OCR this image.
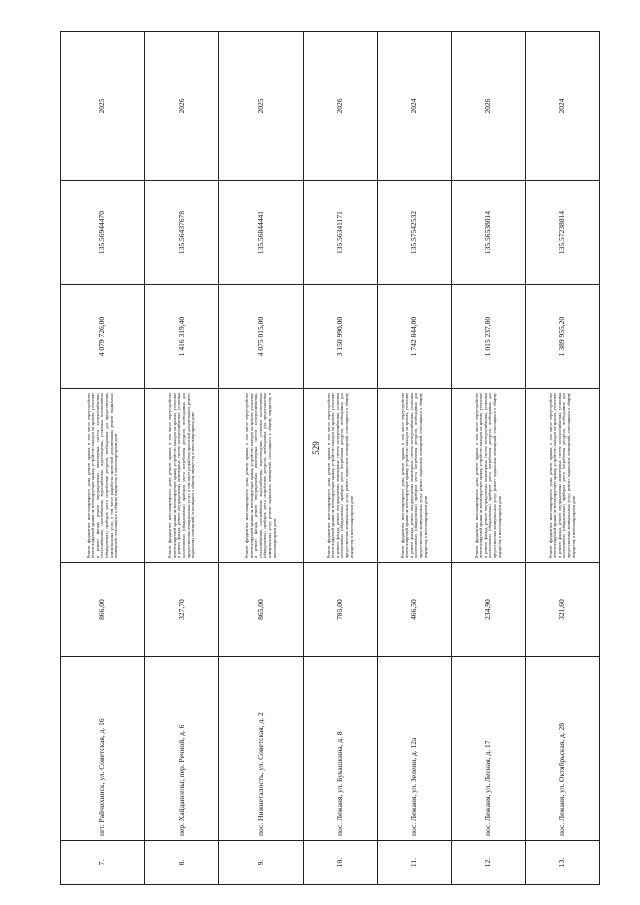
529
7.	пгт. Райчихинск, ул. Советская, д. 16	866,00	Ремонт фундамента многоквартирного дома, ремонт крыши, в том числе переустройство невентилируемой крыши на вентилируемую крышу, устройство выходов на кровлю, утепление и ремонт фасада, ремонт внутридомовых инженерных систем электроснабжения, теплоснабжения, газоснабжения, водоснабжения, водоотведения, установка коллективных (общедомовых) приборов учета потребления ресурсов, необходимых для предоставления коммунальных услуг, в том числе разработка проектной документации, ремонт подвальных помещений, относящихся к общему имуществу в многоквартирном доме	4 079 726,00	135.56944470	2025
8.	пер. Хайдансельг, пер. Речной, д. 6	327,70	Ремонт фундамента многоквартирного дома, ремонт крыши, в том числе переустройство невентилируемой крыши на вентилируемую крышу, устройство выходов на кровлю, утепление и ремонт фасада, ремонт внутридомовых инженерных систем электроснабжения, установка коллективных (общедомовых) приборов учета потребления ресурсов, необходимых для предоставления коммунальных услуг, в том числе разработка проектной документации, ремонт подвальных помещений, относящихся к общему имуществу в многоквартирном доме	1 416 319,40	135.56437678	2026
9.	пос. Нижнеталость, ул. Советская, д. 2	865,00	Ремонт фундамента многоквартирного дома, ремонт крыши, в том числе переустройство невентилируемой крыши на вентилируемую крышу, устройство выходов на кровлю, утепление и ремонт фасада, ремонт внутридомовых инженерных систем электроснабжения, теплоснабжения, газоснабжения, водоснабжения, водоотведения, установка коллективных (общедомовых) приборов учета потребления ресурсов, необходимых для предоставления коммунальных услуг, ремонт подвальных помещений, относящихся к общему имуществу в многоквартирном доме	4 075 015,00	135.56844441	2025
10.	пос. Лежаня, ул. Букашкина, д. 8	785,00	Ремонт фундамента многоквартирного дома, ремонт крыши, в том числе переустройство невентилируемой крыши на вентилируемую крышу, устройство выходов на кровлю, утепление и ремонт фасада, ремонт внутридомовых инженерных систем электроснабжения, установка коллективных (общедомовых) приборов учета потребления ресурсов, необходимых для предоставления коммунальных услуг, ремонт подвальных помещений, относящихся к общему имуществу в многоквартирном доме	3 150 990,00	135.56341171	2026
11.	пос. Лежаня, ул. Зелеин, д. 12а	466,50	Ремонт фундамента многоквартирного дома, ремонт крыши, в том числе переустройство невентилируемой крыши на вентилируемую крышу, устройство выходов на кровлю, утепление и ремонт фасада, ремонт внутридомовых инженерных систем электроснабжения, установка коллективных (общедомовых) приборов учета потребления ресурсов, необходимых для предоставления коммунальных услуг, ремонт подвальных помещений, относящихся к общему имуществу в многоквартирном доме	1 742 844,00	135.57542532	2024
12.	пос. Лежаня, ул. Лесная, д. 17	234,90	Ремонт фундамента многоквартирного дома, ремонт крыши, в том числе переустройство невентилируемой крыши на вентилируемую крышу, устройство выходов на кровлю, утепление и ремонт фасада, ремонт внутридомовых инженерных систем электроснабжения, установка коллективных (общедомовых) приборов учета потребления ресурсов, необходимых для предоставления коммунальных услуг, ремонт подвальных помещений, относящихся к общему имуществу в многоквартирном доме	1 015 237,80	135.56538014	2026
13.	пос. Лежаня, ул. Октябрьская, д. 28	321,60	Ремонт фундамента многоквартирного дома, ремонт крыши, в том числе переустройство невентилируемой крыши на вентилируемую крышу, устройство выходов на кровлю, утепление и ремонт фасада, ремонт внутридомовых инженерных систем электроснабжения, установка коллективных (общедомовых) приборов учета потребления ресурсов, необходимых для предоставления коммунальных услуг, ремонт подвальных помещений, относящихся к общему имуществу в многоквартирном доме	1 389 955,20	135.57238014	2024
